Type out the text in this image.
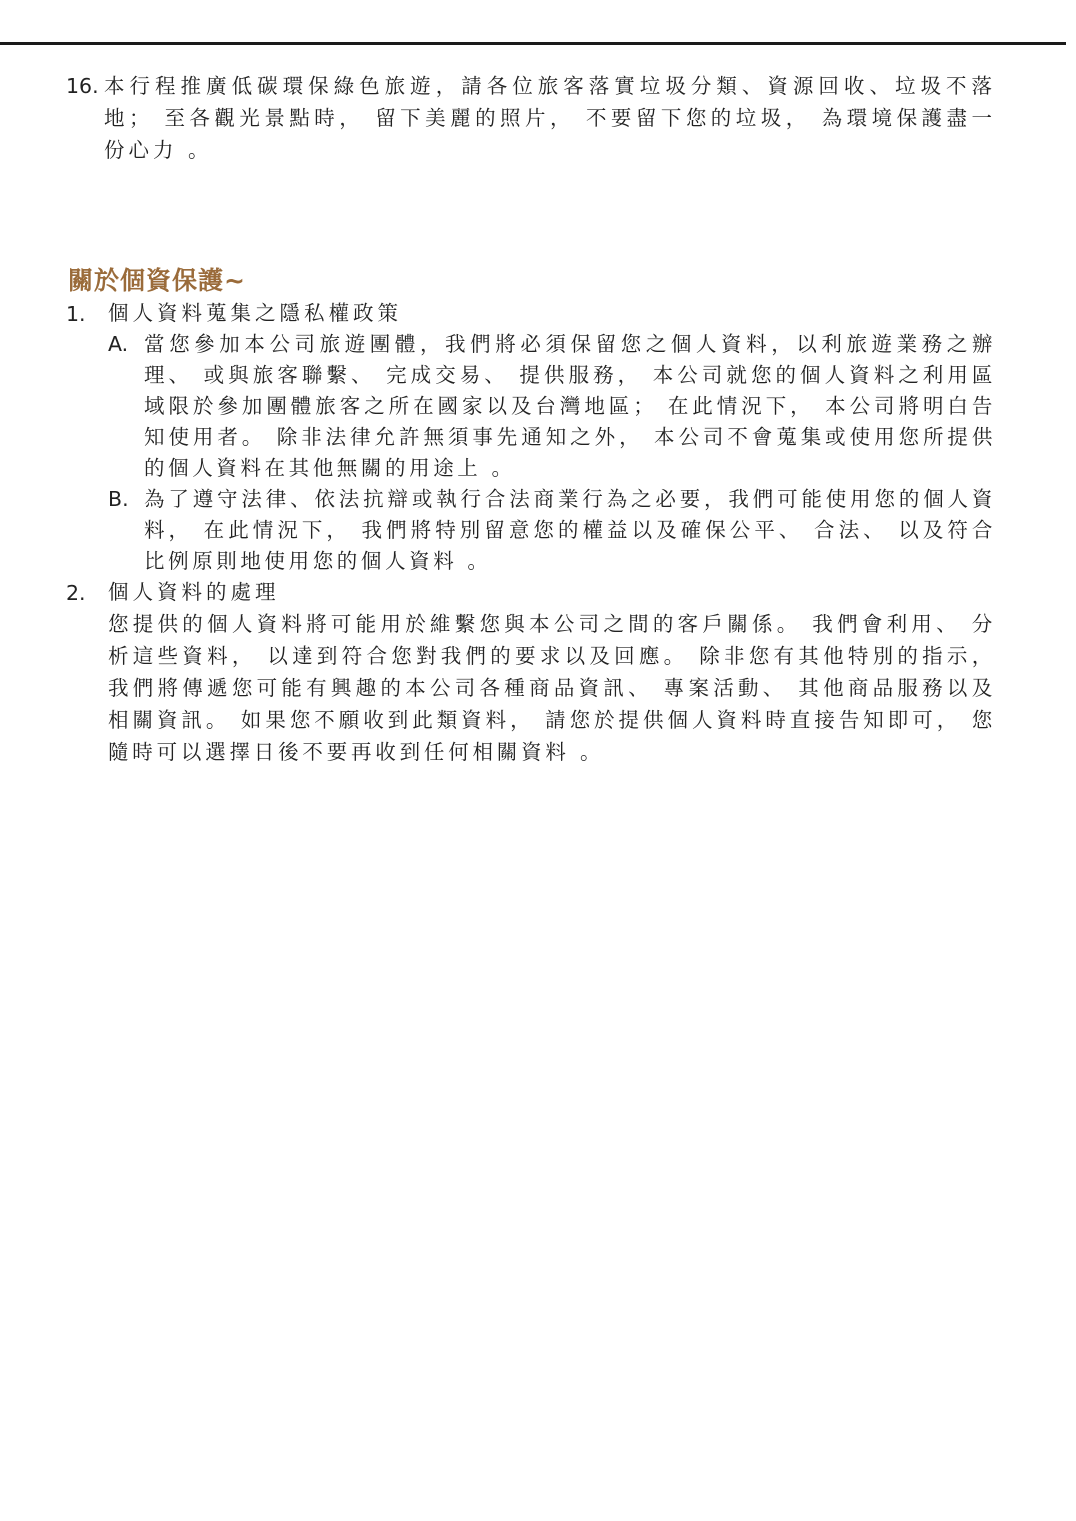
16. 本行程推廣低碳環保綠色旅遊，請各位旅客落實垃圾分類、資源回收、垃圾不落地； 至各觀光景點時， 留下美麗的照片， 不要留下您的垃圾， 為環境保護盡一份心力 。
關於個資保護~
1.	個人資料蒐集之隱私權政策
A. 當您參加本公司旅遊團體，我們將必須保留您之個人資料，以利旅遊業務之辦理、 或與旅客聯繫、 完成交易、 提供服務， 本公司就您的個人資料之利用區域限於參加團體旅客之所在國家以及台灣地區； 在此情況下， 本公司將明白告知使用者。 除非法律允許無須事先通知之外， 本公司不會蒐集或使用您所提供的個人資料在其他無關的用途上 。
B. 為了遵守法律、依法抗辯或執行合法商業行為之必要，我們可能使用您的個人資料， 在此情況下， 我們將特別留意您的權益以及確保公平、 合法、 以及符合比例原則地使用您的個人資料 。
2.	個人資料的處理
您提供的個人資料將可能用於維繫您與本公司之間的客戶關係。 我們會利用、 分析這些資料， 以達到符合您對我們的要求以及回應。 除非您有其他特別的指示， 我們將傳遞您可能有興趣的本公司各種商品資訊、 專案活動、 其他商品服務以及相關資訊。 如果您不願收到此類資料， 請您於提供個人資料時直接告知即可， 您隨時可以選擇日後不要再收到任何相關資料 。
